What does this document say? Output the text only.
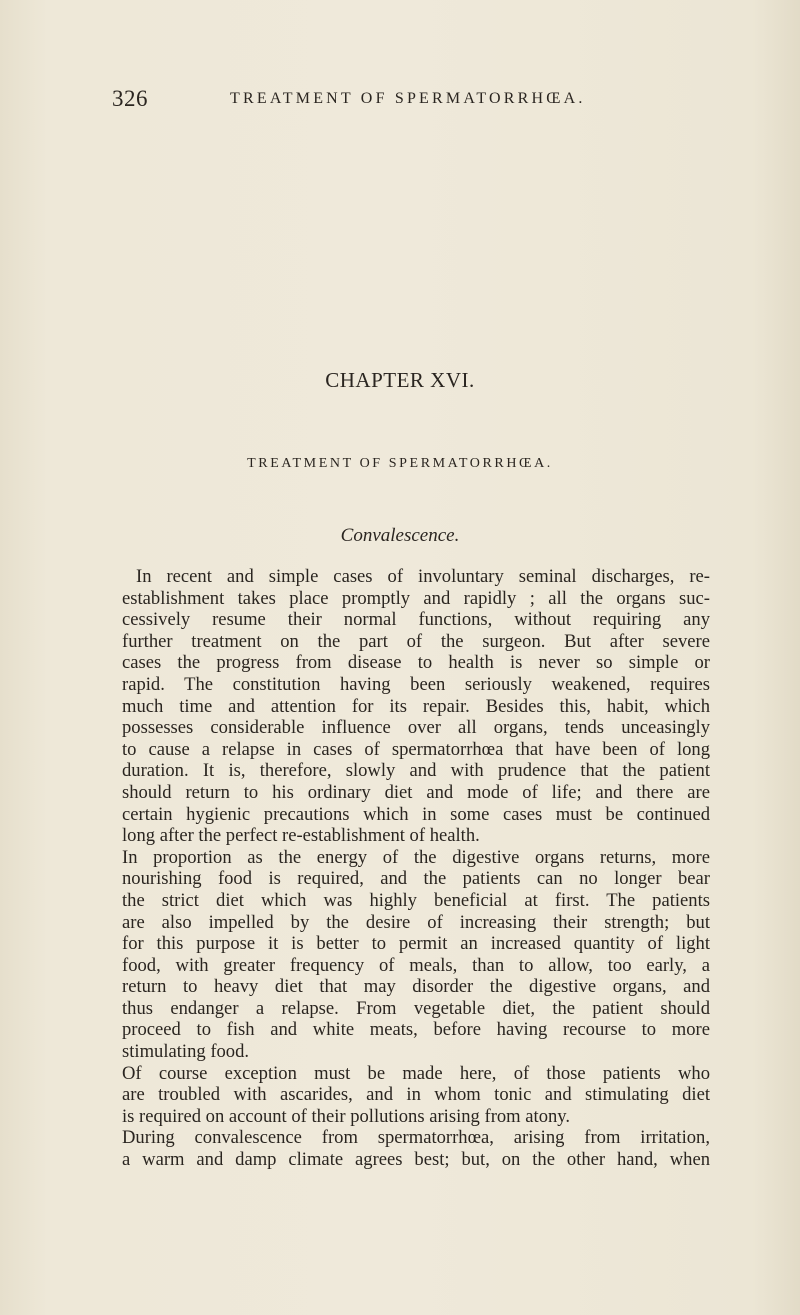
326	TREATMENT OF SPERMATORRHŒA.
CHAPTER XVI.
TREATMENT OF SPERMATORRHŒA.
Convalescence.
In recent and simple cases of involuntary seminal discharges, re-
establishment takes place promptly and rapidly ; all the organs suc-
cessively resume their normal functions, without requiring any
further treatment on the part of the surgeon. But after severe
cases the progress from disease to health is never so simple or
rapid. The constitution having been seriously weakened, requires
much time and attention for its repair. Besides this, habit, which
possesses considerable influence over all organs, tends unceasingly
to cause a relapse in cases of spermatorrhœa that have been of long
duration. It is, therefore, slowly and with prudence that the patient
should return to his ordinary diet and mode of life; and there are
certain hygienic precautions which in some cases must be continued
long after the perfect re-establishment of health.
In proportion as the energy of the digestive organs returns, more
nourishing food is required, and the patients can no longer bear
the strict diet which was highly beneficial at first. The patients
are also impelled by the desire of increasing their strength; but
for this purpose it is better to permit an increased quantity of light
food, with greater frequency of meals, than to allow, too early, a
return to heavy diet that may disorder the digestive organs, and
thus endanger a relapse. From vegetable diet, the patient should
proceed to fish and white meats, before having recourse to more
stimulating food.
Of course exception must be made here, of those patients who
are troubled with ascarides, and in whom tonic and stimulating diet
is required on account of their pollutions arising from atony.
During convalescence from spermatorrhœa, arising from irritation,
a warm and damp climate agrees best; but, on the other hand, when
